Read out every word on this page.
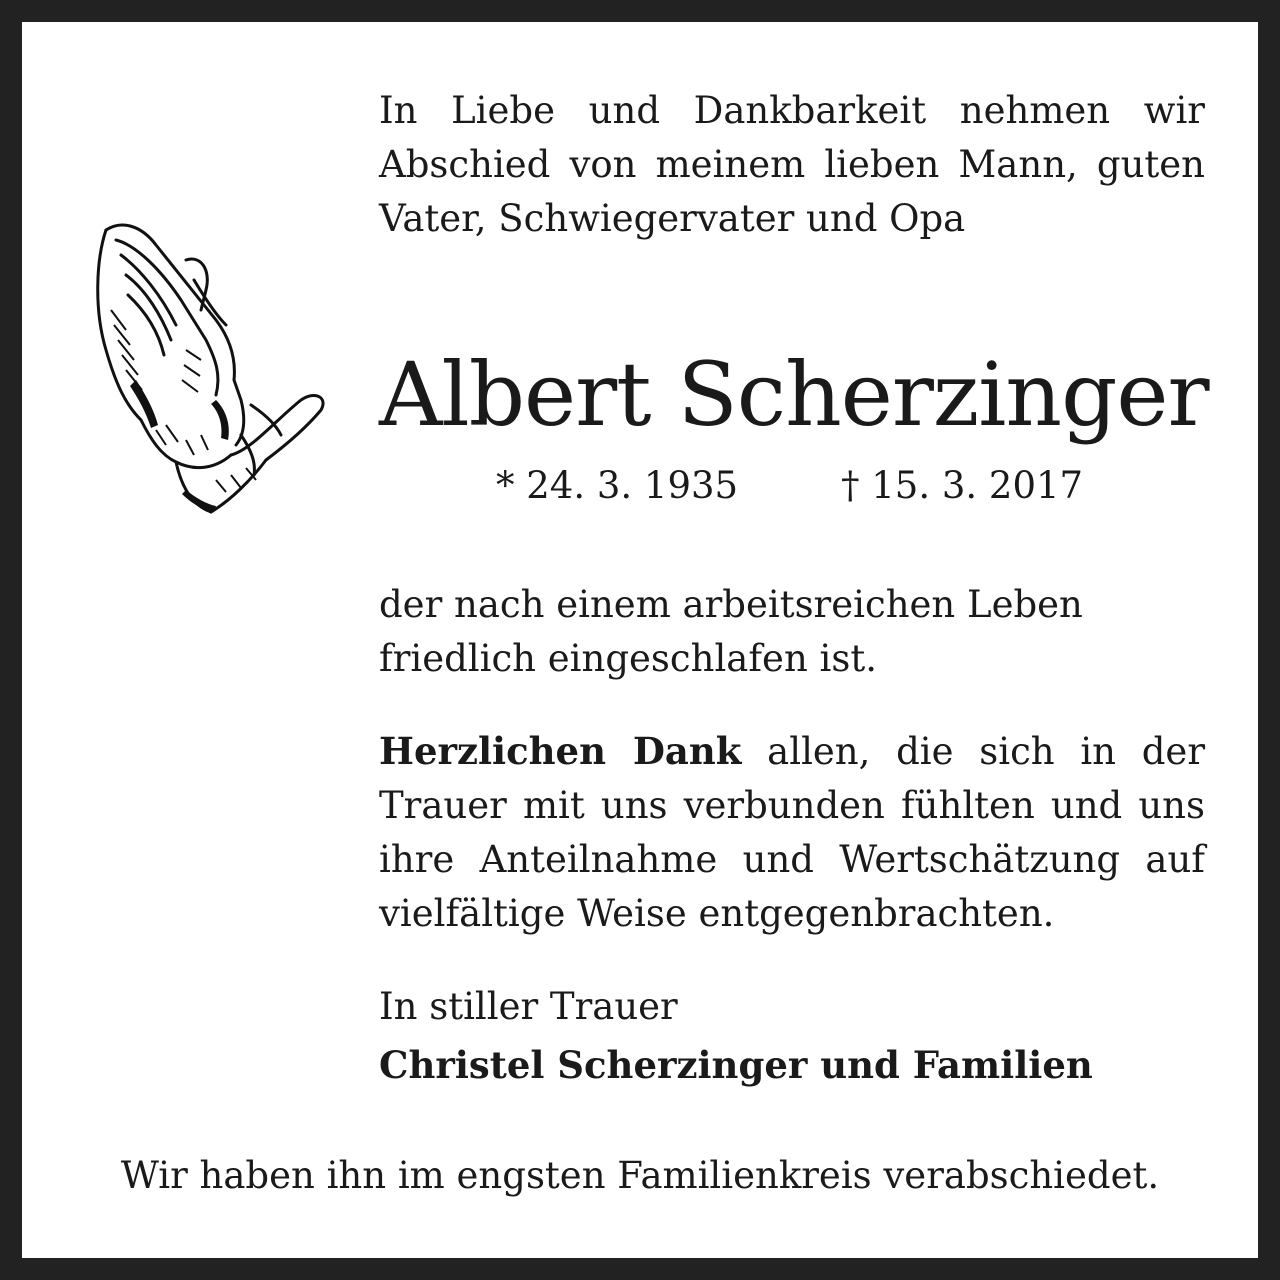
In Liebe und Dankbarkeit nehmen wir
Abschied von meinem lieben Mann, guten
Vater, Schwiegervater und Opa
Albert Scherzinger
* 24. 3. 1935	† 15. 3. 2017
der nach einem arbeitsreichen Leben
friedlich eingeschlafen ist.
Herzlichen Dank allen, die sich in der
Trauer mit uns verbunden fühlten und uns
ihre Anteilnahme und Wertschätzung auf
vielfältige Weise entgegenbrachten.
In stiller Trauer
Christel Scherzinger und Familien
Wir haben ihn im engsten Familienkreis verabschiedet.
